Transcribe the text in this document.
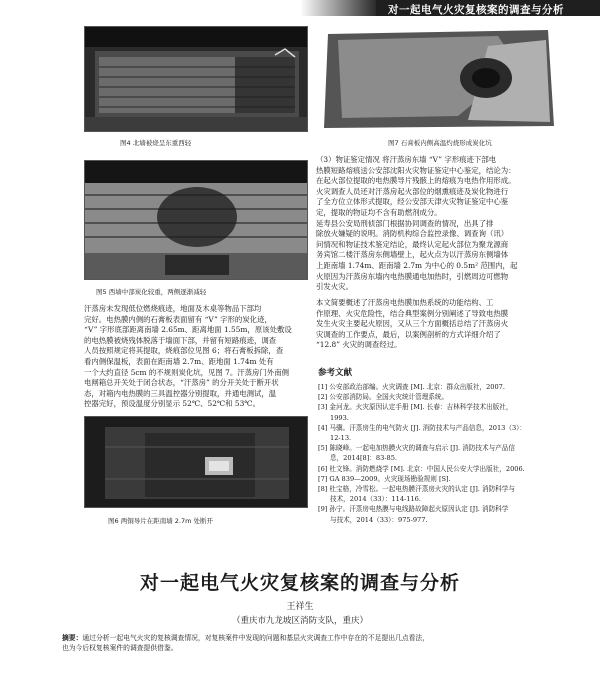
对一起电气火灾复核案的调查与分析
图4 北墙被烧呈东重西轻
图5 西墙中部炭化较重，两侧逐渐减轻
汗蒸房未发现低位燃烧痕迹，地面及木桌等物品下部均
完好。电热膜内侧的石膏板表面留有 “V” 字形的炭化迹，
“V” 字形底部距离南墙 2.65m、距离地面 1.55m，原该处敷设
的电热膜被烧残体脱落于墙面下部，并留有短路痕迹，调查
人员按照规定将其提取，烧痕部位见图 6；将石膏板拆除，查
看内侧保温板，表面在距南墙 2.7m、距地面 1.74m 处有
一个大约直径 5cm 的不规则炭化坑，见图 7。汗蒸房门外南侧
电闸箱总开关处于闭合状态，“汗蒸房” 的分开关处于断开状
态，对箱内电热膜的三具温控器分别提取，并通电测试，温
控器完好，预设温度分别显示 52℃、52℃和 53℃。
图6 两铜导片在距南墙 2.7m 处断开
图7 石膏板内侧高温灼烧形成炭化坑
（3）物证鉴定情况 将汗蒸房东墙 “V” 字形痕迹下部电
热膜短路熔痕送公安部沈阳火灾物证鉴定中心鉴定，结论为：
在起火部位提取的电热膜导片残骸上的熔痕为电热作用形成。
火灾调查人员还对汗蒸房起火部位的烟熏痕迹及炭化物进行
了全方位立体形式提取，经公安部天津火灾物证鉴定中心鉴
定，提取的物证均不含有助燃剂成分。
延寿县公安局刑侦部门根据协同调查的情况，出具了排
除放火嫌疑的说明。消防机构综合监控录像、调查询（讯）
问情况和物证技术鉴定结论，最终认定起火部位为聚龙源商
务宾馆二楼汗蒸房东侧墙壁上，起火点为以汗蒸房东侧墙体
上距南墙 1.74m、距南墙 2.7m 为中心的 0.5m² 范围内，起
火原因为汗蒸房东墙内电热膜通电加热时，引燃周边可燃物
引发火灾。
本文简要概述了汗蒸房电热膜加热系统的功能结构、工
作原理、火灾危险性，结合典型案例分别阐述了导致电热膜
发生火灾主要起火原因，又从三个方面概括总结了汗蒸房火
灾调查的工作要点，最后，以案例剖析的方式详细介绍了
“12.8” 火灾的调查经过。
参考文献
[1] 公安部政治部编。火灾调查 [M]. 北京：群众出版社，2007.
[2] 公安部消防局。全国火灾统计管理系统。
[3] 金河龙。火灾原因认定手册 [M]. 长春：吉林科学技术出版社，
1993.
[4] 马骥。汗蒸房生的电气防火 [J]. 消防技术与产品信息，2013（3）：
12-13.
[5] 陈晓峰。一起电加热膜火灾的调查与启示 [J]. 消防技术与产品信
息，2014[8]：83-85.
[6] 杜文锋。消防燃烧学 [M]. 北京：中国人民公安大学出版社，2006.
[7] GA 839—2009。火灾现场勘验规则 [S].
[8] 杜宝格，冷雪松。一起电热膜汗蒸房火灾的认定 [J]. 消防科学与
技术，2014（33）：114-116.
[9] 孙宁。汗蒸房电热膜与电线路故障起火原因认定 [J]. 消防科学
与技术，2014（33）：975-977.
对一起电气火灾复核案的调查与分析
王祥生
（重庆市九龙坡区消防支队，重庆）
摘要：通过分析一起电气火灾的复核调查情况，对复核案件中发现的问题和基层火灾调查工作中存在的不足提出几点看法，
也为今后权复核案件的调查提供借鉴。
